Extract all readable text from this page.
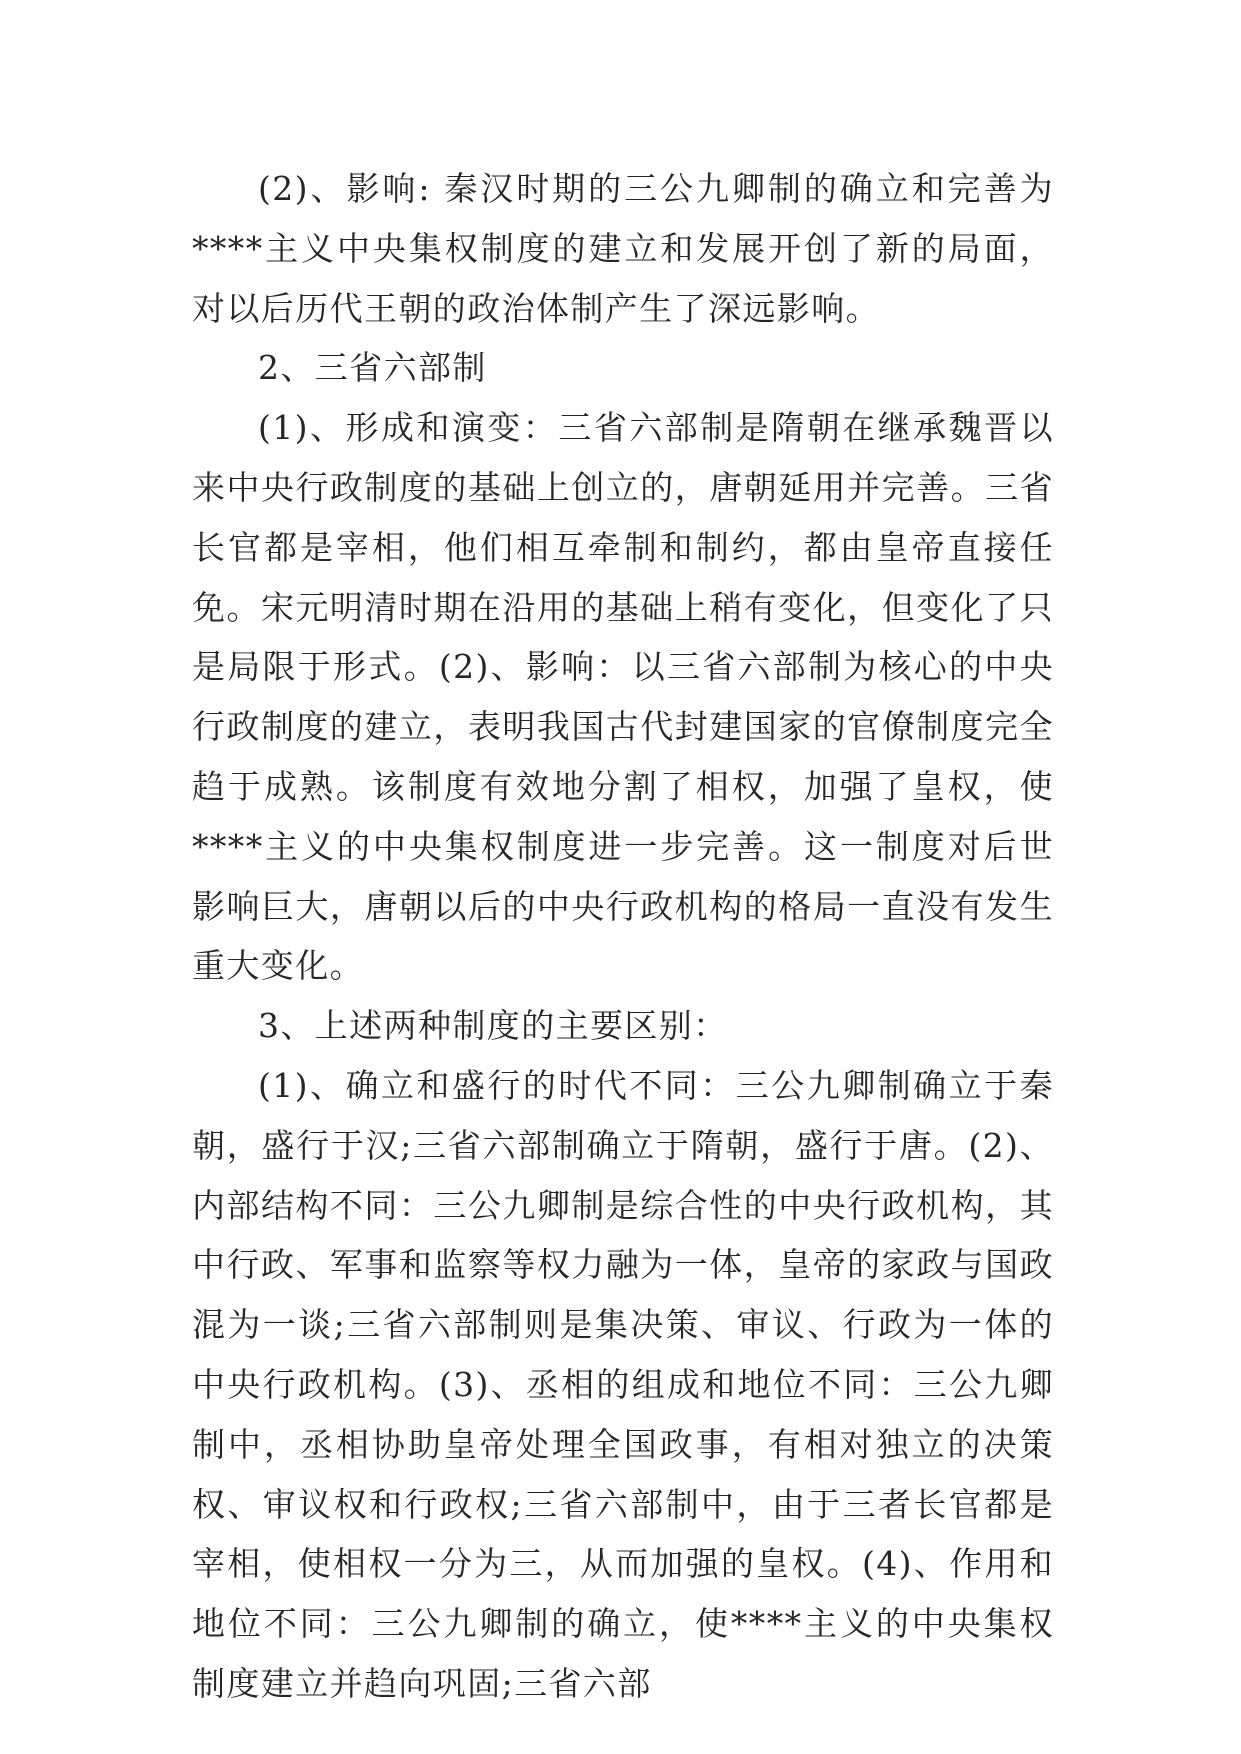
(2)、影响: 秦汉时期的三公九卿制的确立和完善为****主义中央集权制度的建立和发展开创了新的局面，对以后历代王朝的政治体制产生了深远影响。

2、三省六部制

(1)、形成和演变：三省六部制是隋朝在继承魏晋以来中央行政制度的基础上创立的，唐朝延用并完善。三省长官都是宰相，他们相互牵制和制约，都由皇帝直接任免。宋元明清时期在沿用的基础上稍有变化，但变化了只是局限于形式。(2)、影响：以三省六部制为核心的中央行政制度的建立，表明我国古代封建国家的官僚制度完全趋于成熟。该制度有效地分割了相权，加强了皇权，使****主义的中央集权制度进一步完善。这一制度对后世影响巨大，唐朝以后的中央行政机构的格局一直没有发生重大变化。

3、上述两种制度的主要区别：

(1)、确立和盛行的时代不同：三公九卿制确立于秦朝，盛行于汉;三省六部制确立于隋朝，盛行于唐。(2)、内部结构不同：三公九卿制是综合性的中央行政机构，其中行政、军事和监察等权力融为一体，皇帝的家政与国政混为一谈;三省六部制则是集决策、审议、行政为一体的中央行政机构。(3)、丞相的组成和地位不同：三公九卿制中，丞相协助皇帝处理全国政事，有相对独立的决策权、审议权和行政权;三省六部制中，由于三者长官都是宰相，使相权一分为三，从而加强的皇权。(4)、作用和地位不同：三公九卿制的确立，使****主义的中央集权制度建立并趋向巩固;三省六部
